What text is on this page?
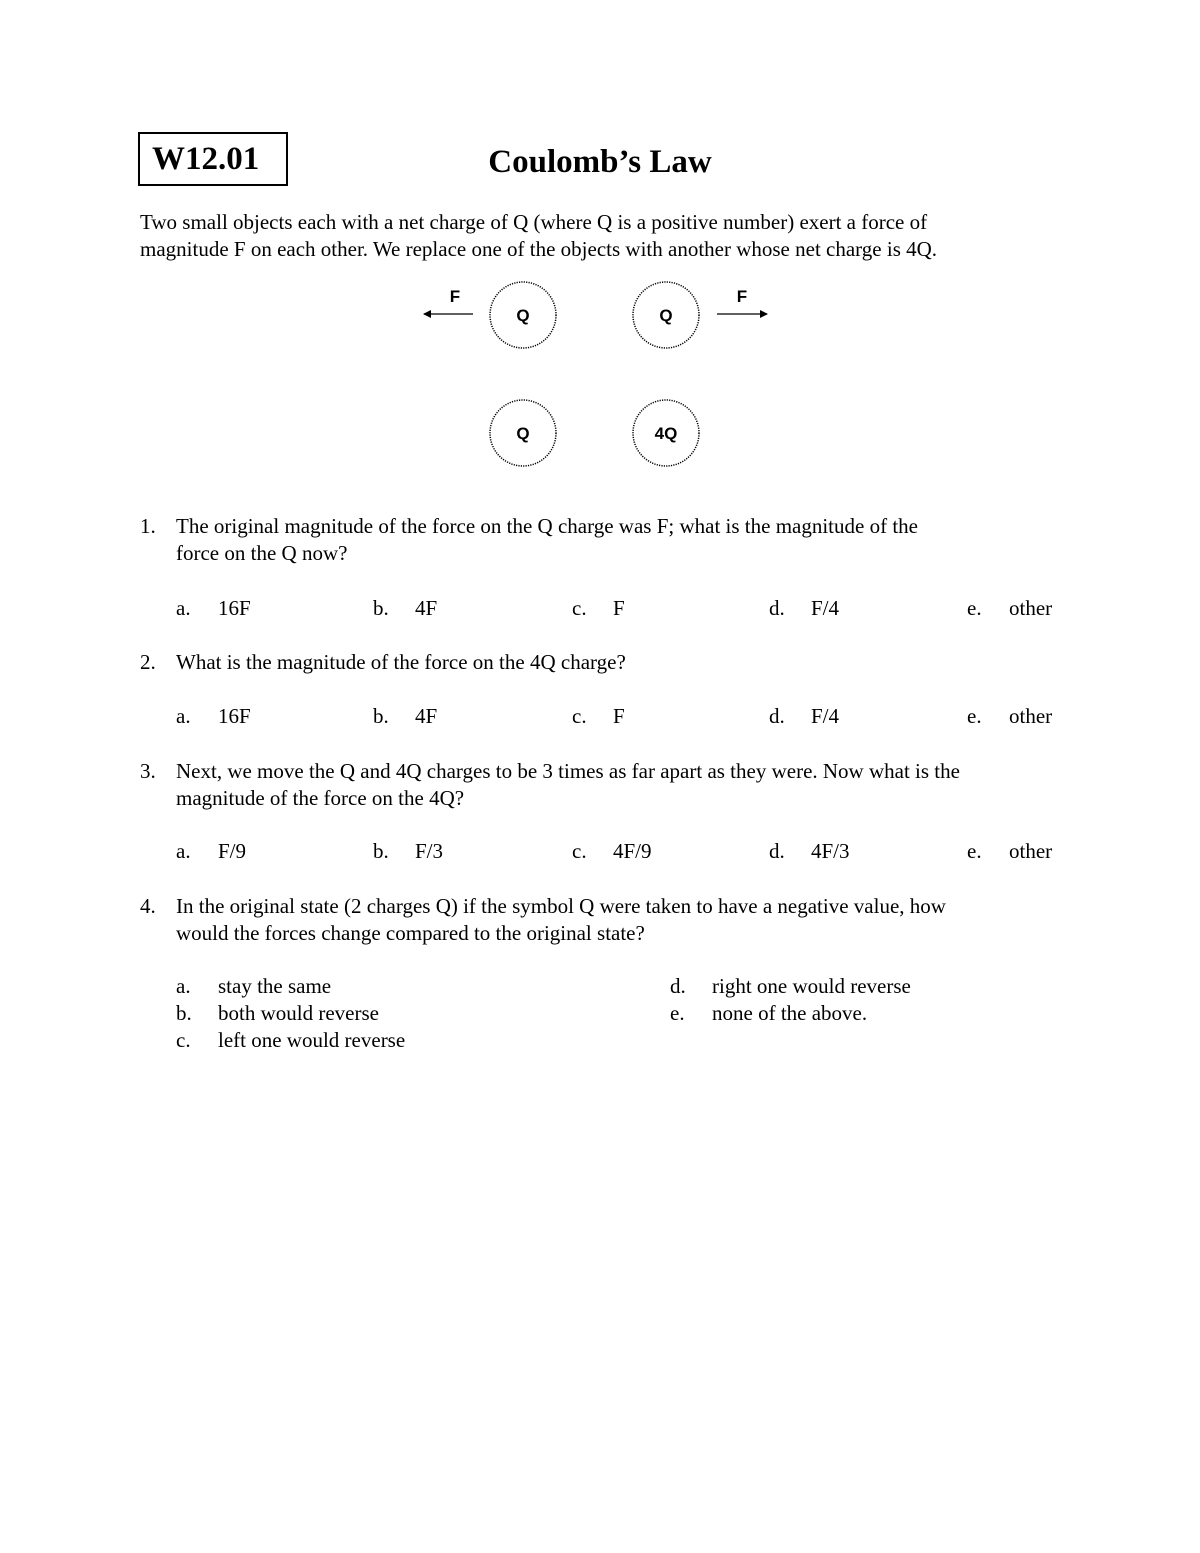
W12.01	Coulomb’s Law
Two small objects each with a net charge of Q (where Q is a positive number) exert a force of
magnitude F on each other. We replace one of the objects with another whose net charge is 4Q.
Q	Q
Q	4Q
F	F
1. The original magnitude of the force on the Q charge was F; what is the magnitude of the
force on the Q now?
a. 16F	b. 4F	c. F	d. F/4	e. other
2. What is the magnitude of the force on the 4Q charge?
a. 16F	b. 4F	c. F	d. F/4	e. other
3. Next, we move the Q and 4Q charges to be 3 times as far apart as they were. Now what is the
magnitude of the force on the 4Q?
a. F/9	b. F/3	c. 4F/9	d. 4F/3	e. other
4. In the original state (2 charges Q) if the symbol Q were taken to have a negative value, how
would the forces change compared to the original state?
a. stay the same
b. both would reverse
c. left one would reverse
d. right one would reverse
e. none of the above.
